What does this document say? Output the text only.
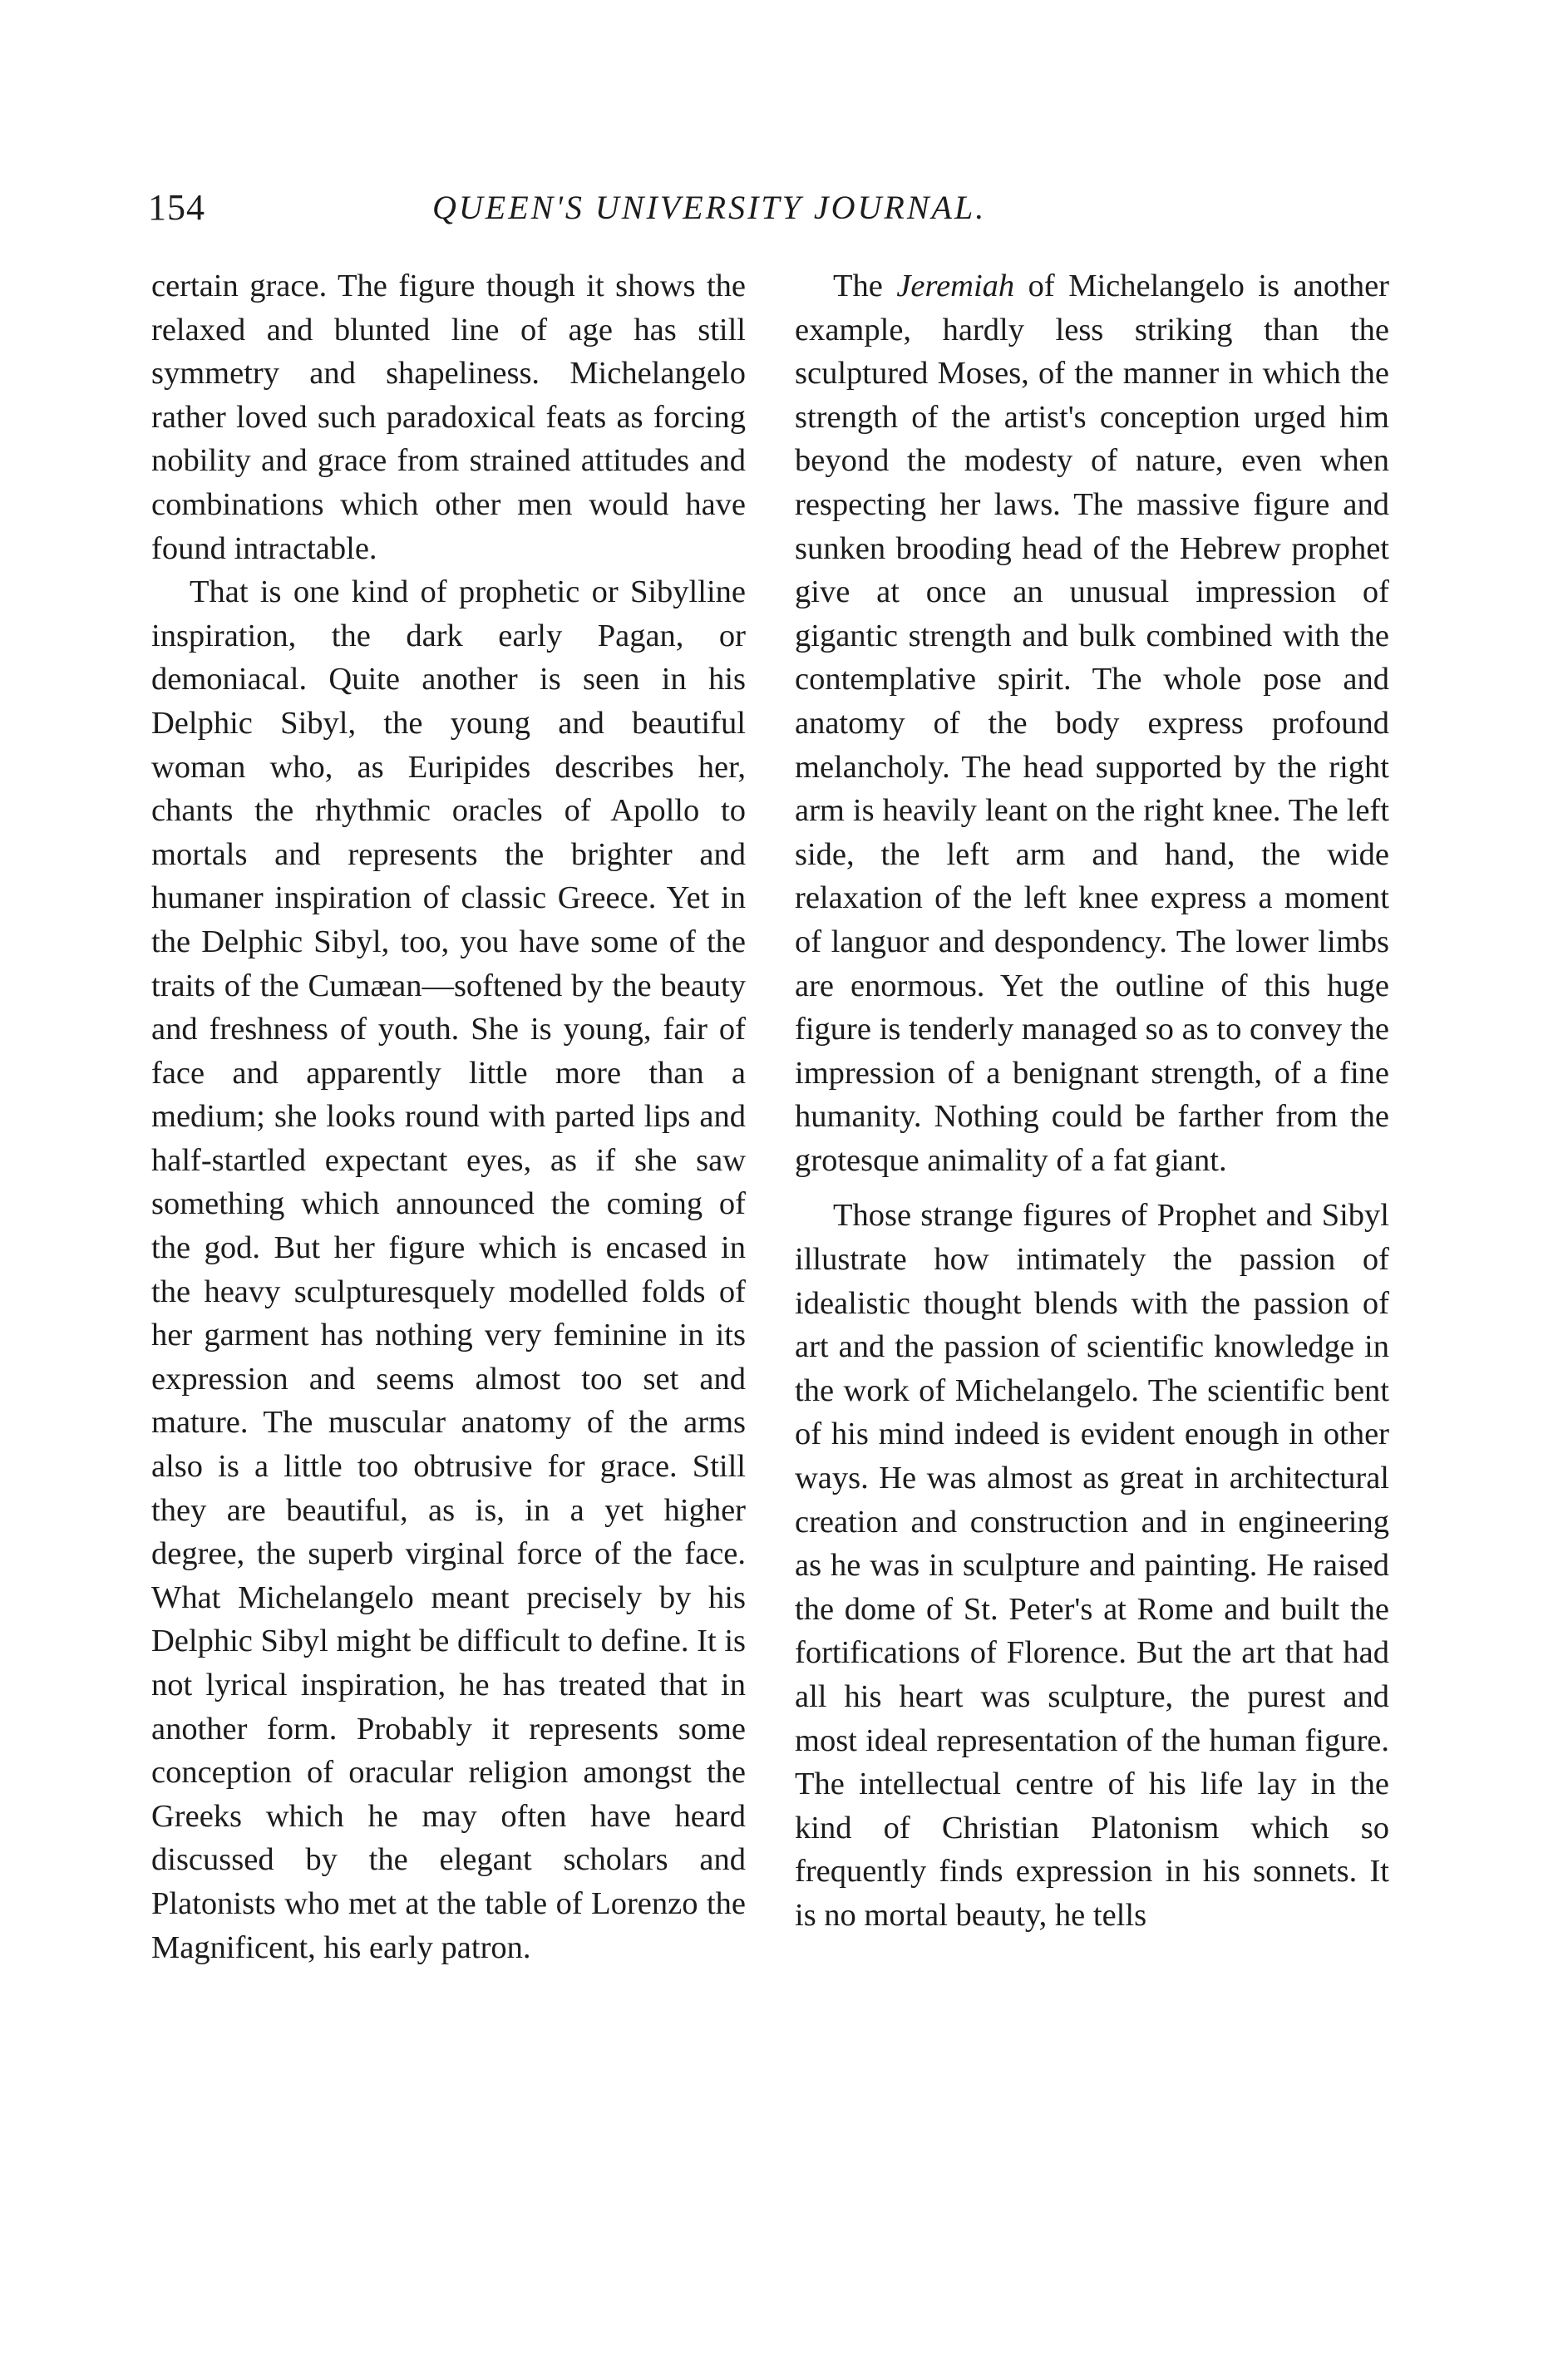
154	QUEEN'S UNIVERSITY JOURNAL.

certain grace. The figure though it shows the relaxed and blunted line of age has still symmetry and shapeliness. Michelangelo rather loved such paradoxical feats as forcing nobility and grace from strained attitudes and combinations which other men would have found intractable.

That is one kind of prophetic or Sibylline inspiration, the dark early Pagan, or demoniacal. Quite another is seen in his Delphic Sibyl, the young and beautiful woman who, as Euripides describes her, chants the rhythmic oracles of Apollo to mortals and represents the brighter and humaner inspiration of classic Greece. Yet in the Delphic Sibyl, too, you have some of the traits of the Cumæan—softened by the beauty and freshness of youth. She is young, fair of face and apparently little more than a medium; she looks round with parted lips and half-startled expectant eyes, as if she saw something which announced the coming of the god. But her figure which is encased in the heavy sculpturesquely modelled folds of her garment has nothing very feminine in its expression and seems almost too set and mature. The muscular anatomy of the arms also is a little too obtrusive for grace. Still they are beautiful, as is, in a yet higher degree, the superb virginal force of the face. What Michelangelo meant precisely by his Delphic Sibyl might be difficult to define. It is not lyrical inspiration, he has treated that in another form. Probably it represents some conception of oracular religion amongst the Greeks which he may often have heard discussed by the elegant scholars and Platonists who met at the table of Lorenzo the Magnificent, his early patron.

The Jeremiah of Michelangelo is another example, hardly less striking than the sculptured Moses, of the manner in which the strength of the artist's conception urged him beyond the modesty of nature, even when respecting her laws. The massive figure and sunken brooding head of the Hebrew prophet give at once an unusual impression of gigantic strength and bulk combined with the contemplative spirit. The whole pose and anatomy of the body express profound melancholy. The head supported by the right arm is heavily leant on the right knee. The left side, the left arm and hand, the wide relaxation of the left knee express a moment of languor and despondency. The lower limbs are enormous. Yet the outline of this huge figure is tenderly managed so as to convey the impression of a benignant strength, of a fine humanity. Nothing could be farther from the grotesque animality of a fat giant.

Those strange figures of Prophet and Sibyl illustrate how intimately the passion of idealistic thought blends with the passion of art and the passion of scientific knowledge in the work of Michelangelo. The scientific bent of his mind indeed is evident enough in other ways. He was almost as great in architectural creation and construction and in engineering as he was in sculpture and painting. He raised the dome of St. Peter's at Rome and built the fortifications of Florence. But the art that had all his heart was sculpture, the purest and most ideal representation of the human figure. The intellectual centre of his life lay in the kind of Christian Platonism which so frequently finds expression in his sonnets. It is no mortal beauty, he tells
